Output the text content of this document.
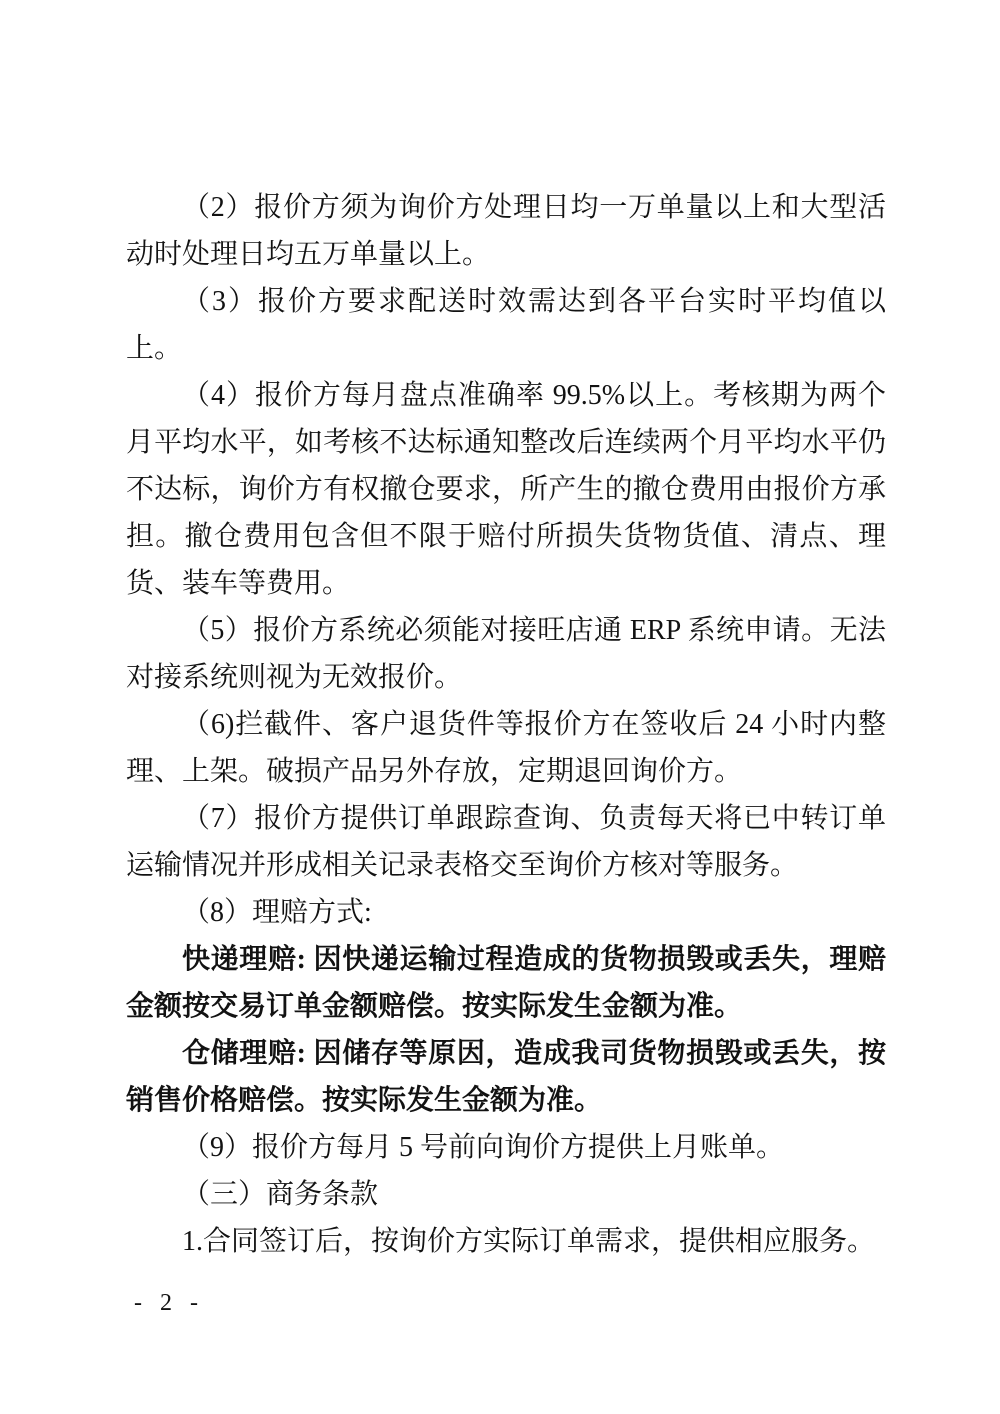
（2）报价方须为询价方处理日均一万单量以上和大型活动时处理日均五万单量以上。

（3）报价方要求配送时效需达到各平台实时平均值以上。

（4）报价方每月盘点准确率 99.5%以上。考核期为两个月平均水平，如考核不达标通知整改后连续两个月平均水平仍不达标，询价方有权撤仓要求，所产生的撤仓费用由报价方承担。撤仓费用包含但不限于赔付所损失货物货值、清点、理货、装车等费用。

（5）报价方系统必须能对接旺店通 ERP 系统申请。无法对接系统则视为无效报价。

（6)拦截件、客户退货件等报价方在签收后 24 小时内整理、上架。破损产品另外存放，定期退回询价方。

（7）报价方提供订单跟踪查询、负责每天将已中转订单运输情况并形成相关记录表格交至询价方核对等服务。

（8）理赔方式:

快递理赔: 因快递运输过程造成的货物损毁或丢失，理赔金额按交易订单金额赔偿。按实际发生金额为准。

仓储理赔: 因储存等原因，造成我司货物损毁或丢失，按销售价格赔偿。按实际发生金额为准。

（9）报价方每月 5 号前向询价方提供上月账单。

（三）商务条款

1.合同签订后，按询价方实际订单需求，提供相应服务。

- 2 -
